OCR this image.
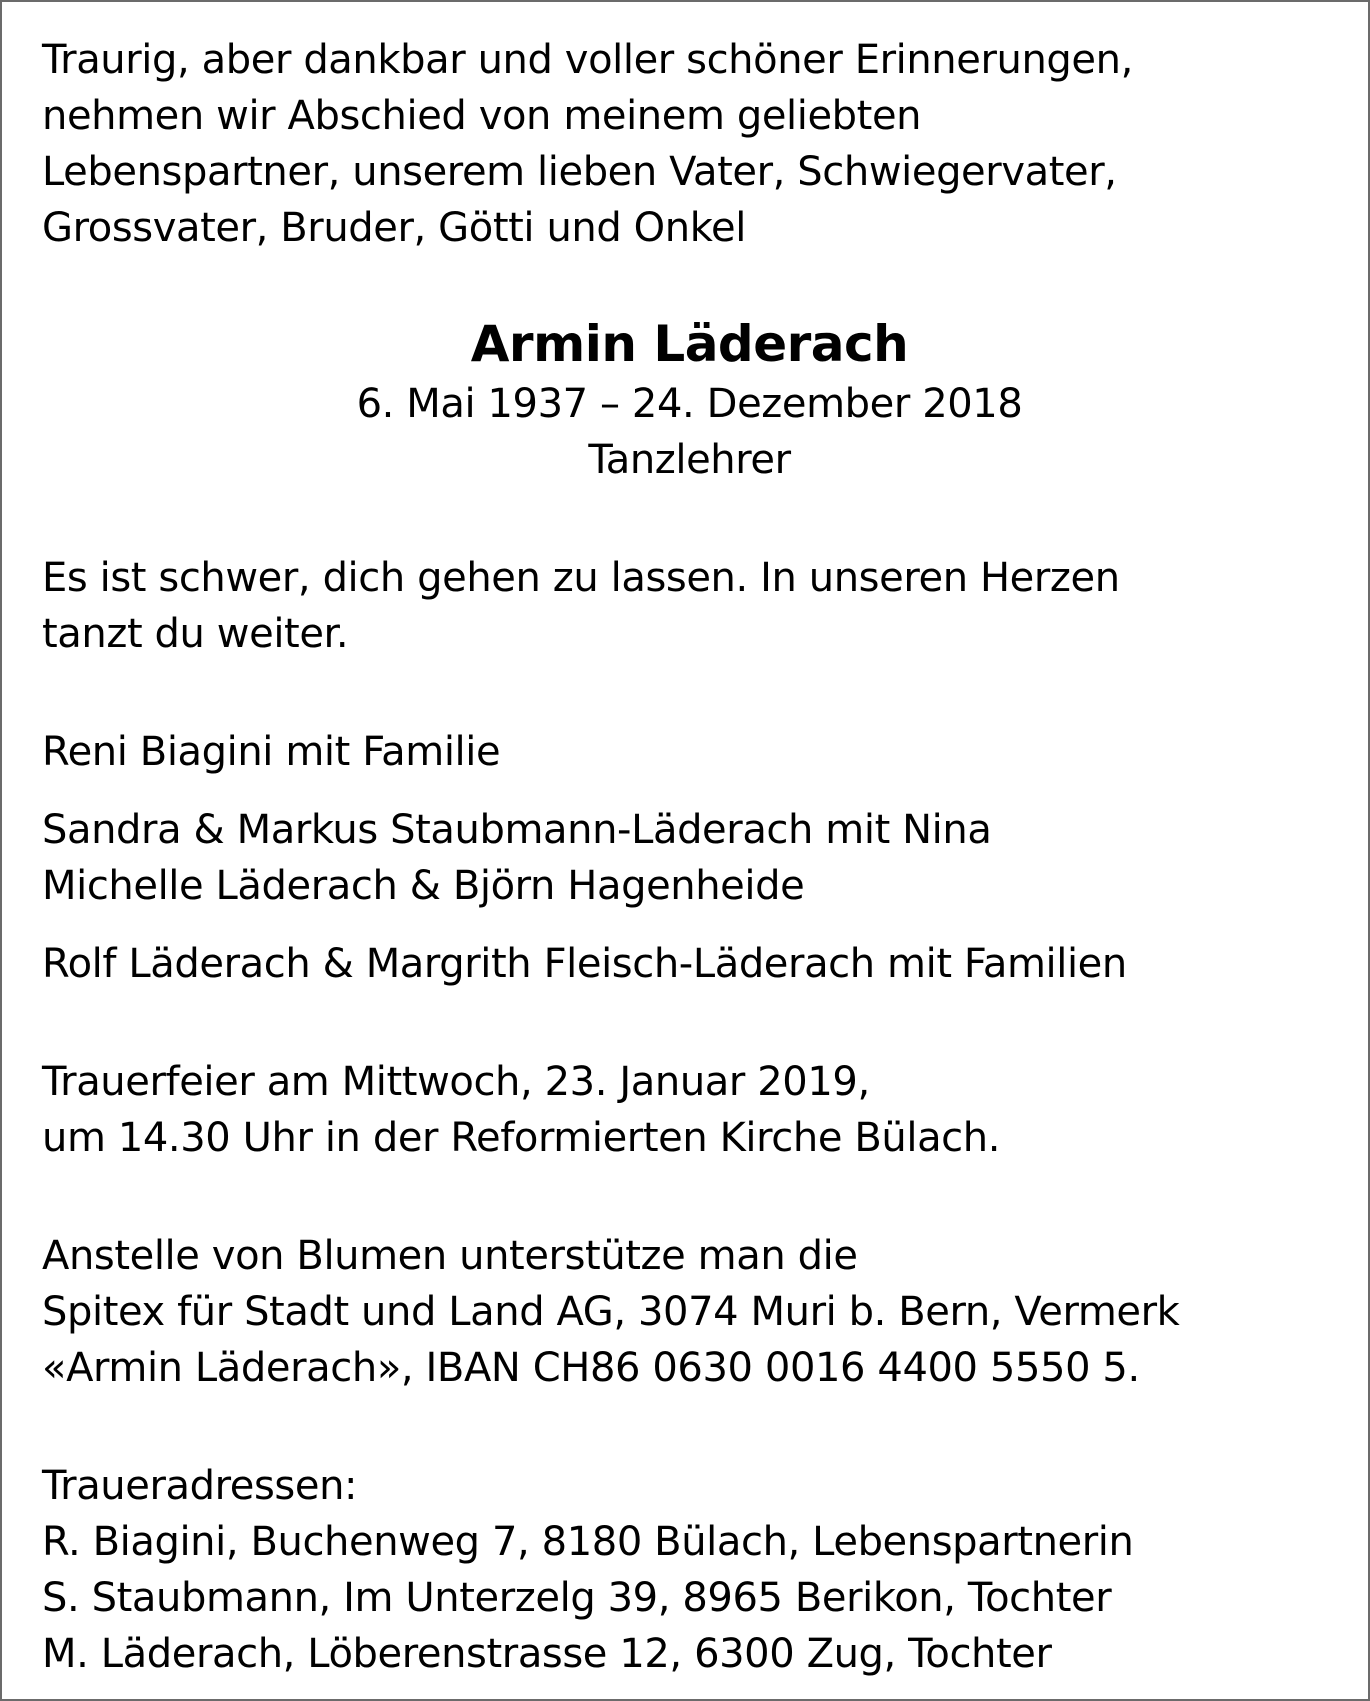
Traurig, aber dankbar und voller schöner Erinnerungen,
nehmen wir Abschied von meinem geliebten
Lebenspartner, unserem lieben Vater, Schwiegervater,
Grossvater, Bruder, Götti und Onkel
Armin Läderach
6. Mai 1937 – 24. Dezember 2018
Tanzlehrer
Es ist schwer, dich gehen zu lassen. In unseren Herzen
tanzt du weiter.
Reni Biagini mit Familie
Sandra & Markus Staubmann-Läderach mit Nina
Michelle Läderach & Björn Hagenheide
Rolf Läderach & Margrith Fleisch-Läderach mit Familien
Trauerfeier am Mittwoch, 23. Januar 2019,
um 14.30 Uhr in der Reformierten Kirche Bülach.
Anstelle von Blumen unterstütze man die
Spitex für Stadt und Land AG, 3074 Muri b. Bern, Vermerk
«Armin Läderach», IBAN CH86 0630 0016 4400 5550 5.
Traueradressen:
R. Biagini, Buchenweg 7, 8180 Bülach, Lebenspartnerin
S. Staubmann, Im Unterzelg 39, 8965 Berikon, Tochter
M. Läderach, Löberenstrasse 12, 6300 Zug, Tochter
